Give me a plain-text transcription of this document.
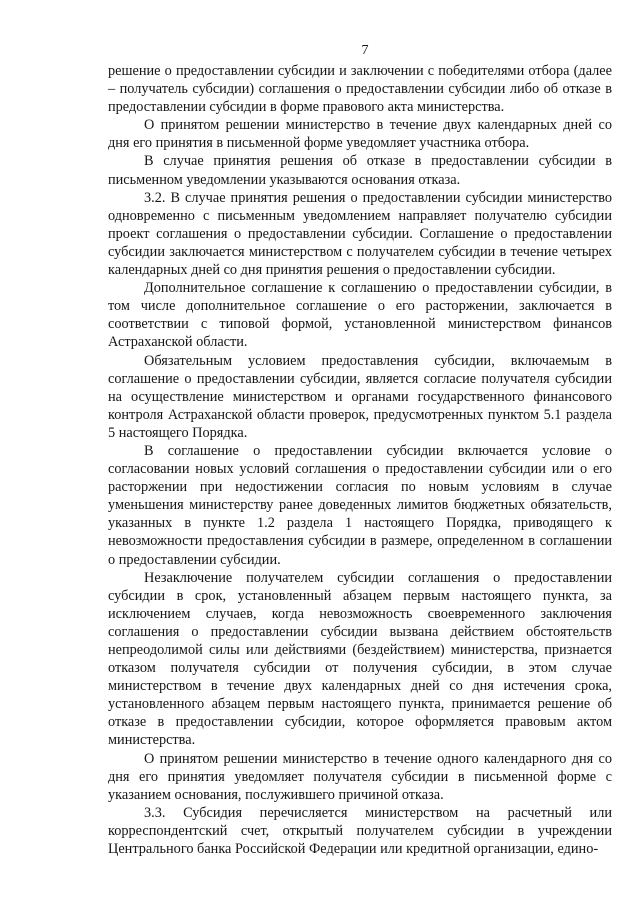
7

решение о предоставлении субсидии и заключении с победителями отбора (далее – получатель субсидии) соглашения о предоставлении субсидии либо об отказе в предоставлении субсидии в форме правового акта министерства.

О принятом решении министерство в течение двух календарных дней со дня его принятия в письменной форме уведомляет участника отбора.

В случае принятия решения об отказе в предоставлении субсидии в письменном уведомлении указываются основания отказа.

3.2. В случае принятия решения о предоставлении субсидии министерство одновременно с письменным уведомлением направляет получателю субсидии проект соглашения о предоставлении субсидии. Соглашение о предоставлении субсидии заключается министерством с получателем субсидии в течение четырех календарных дней со дня принятия решения о предоставлении субсидии.

Дополнительное соглашение к соглашению о предоставлении субсидии, в том числе дополнительное соглашение о его расторжении, заключается в соответствии с типовой формой, установленной министерством финансов Астраханской области.

Обязательным условием предоставления субсидии, включаемым в соглашение о предоставлении субсидии, является согласие получателя субсидии на осуществление министерством и органами государственного финансового контроля Астраханской области проверок, предусмотренных пунктом 5.1 раздела 5 настоящего Порядка.

В соглашение о предоставлении субсидии включается условие о согласовании новых условий соглашения о предоставлении субсидии или о его расторжении при недостижении согласия по новым условиям в случае уменьшения министерству ранее доведенных лимитов бюджетных обязательств, указанных в пункте 1.2 раздела 1 настоящего Порядка, приводящего к невозможности предоставления субсидии в размере, определенном в соглашении о предоставлении субсидии.

Незаключение получателем субсидии соглашения о предоставлении субсидии в срок, установленный абзацем первым настоящего пункта, за исключением случаев, когда невозможность своевременного заключения соглашения о предоставлении субсидии вызвана действием обстоятельств непреодолимой силы или действиями (бездействием) министерства, признается отказом получателя субсидии от получения субсидии, в этом случае министерством в течение двух календарных дней со дня истечения срока, установленного абзацем первым настоящего пункта, принимается решение об отказе в предоставлении субсидии, которое оформляется правовым актом министерства.

О принятом решении министерство в течение одного календарного дня со дня его принятия уведомляет получателя субсидии в письменной форме с указанием основания, послужившего причиной отказа.

3.3. Субсидия перечисляется министерством на расчетный или корреспондентский счет, открытый получателем субсидии в учреждении Центрального банка Российской Федерации или кредитной организации, едино-
